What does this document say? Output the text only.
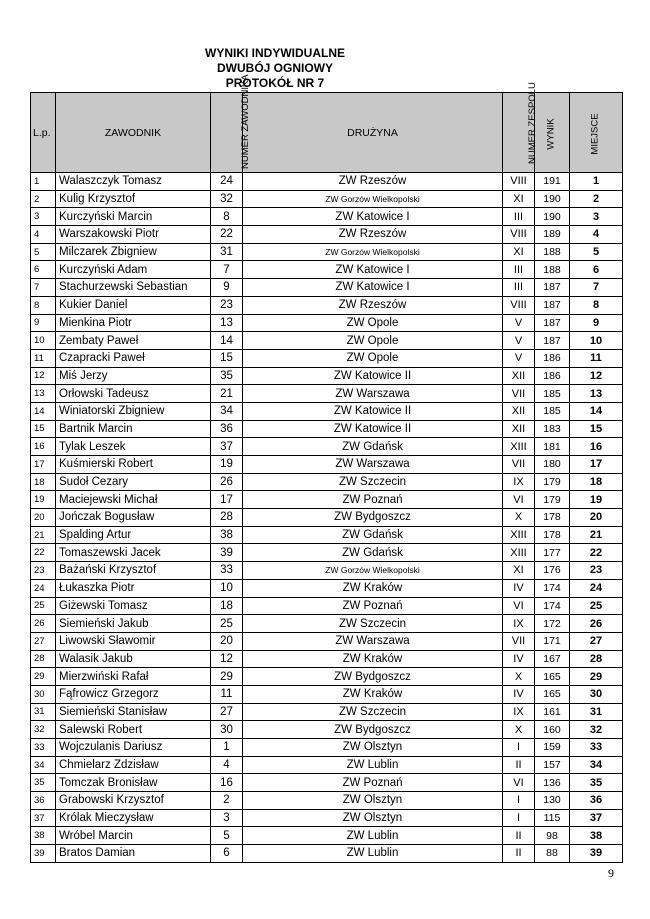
WYNIKI INDYWIDUALNE
DWUBÓJ OGNIOWY
PROTOKÓŁ NR 7
L.p.	ZAWODNIK	NUMER ZAWODNIKA	DRUŻYNA	NUMER ZESPOŁU	WYNIK	MIEJSCE
1	Walaszczyk Tomasz	24	ZW Rzeszów	VIII	191	1
2	Kulig Krzysztof	32	ZW Gorzów Wielkopolski	XI	190	2
3	Kurczyński Marcin	8	ZW Katowice I	III	190	3
4	Warszakowski Piotr	22	ZW Rzeszów	VIII	189	4
5	Milczarek Zbigniew	31	ZW Gorzów Wielkopolski	XI	188	5
6	Kurczyński Adam	7	ZW Katowice I	III	188	6
7	Stachurzewski Sebastian	9	ZW Katowice I	III	187	7
8	Kukier Daniel	23	ZW Rzeszów	VIII	187	8
9	Mienkina Piotr	13	ZW Opole	V	187	9
10	Zembaty Paweł	14	ZW Opole	V	187	10
11	Czapracki Paweł	15	ZW Opole	V	186	11
12	Miś Jerzy	35	ZW Katowice II	XII	186	12
13	Orłowski Tadeusz	21	ZW Warszawa	VII	185	13
14	Winiatorski Zbigniew	34	ZW Katowice II	XII	185	14
15	Bartnik Marcin	36	ZW Katowice II	XII	183	15
16	Tylak Leszek	37	ZW Gdańsk	XIII	181	16
17	Kuśmierski Robert	19	ZW Warszawa	VII	180	17
18	Sudoł Cezary	26	ZW Szczecin	IX	179	18
19	Maciejewski Michał	17	ZW Poznań	VI	179	19
20	Jończak Bogusław	28	ZW Bydgoszcz	X	178	20
21	Spalding Artur	38	ZW Gdańsk	XIII	178	21
22	Tomaszewski Jacek	39	ZW Gdańsk	XIII	177	22
23	Bażański Krzysztof	33	ZW Gorzów Wielkopolski	XI	176	23
24	Łukaszka Piotr	10	ZW Kraków	IV	174	24
25	Giżewski Tomasz	18	ZW Poznań	VI	174	25
26	Siemieński Jakub	25	ZW Szczecin	IX	172	26
27	Liwowski Sławomir	20	ZW Warszawa	VII	171	27
28	Walasik Jakub	12	ZW Kraków	IV	167	28
29	Mierzwiński Rafał	29	ZW Bydgoszcz	X	165	29
30	Fąfrowicz Grzegorz	11	ZW Kraków	IV	165	30
31	Siemieński Stanisław	27	ZW Szczecin	IX	161	31
32	Salewski Robert	30	ZW Bydgoszcz	X	160	32
33	Wojczulanis Dariusz	1	ZW Olsztyn	I	159	33
34	Chmielarz Zdzisław	4	ZW Lublin	II	157	34
35	Tomczak Bronisław	16	ZW Poznań	VI	136	35
36	Grabowski Krzysztof	2	ZW Olsztyn	I	130	36
37	Królak Mieczysław	3	ZW Olsztyn	I	115	37
38	Wróbel Marcin	5	ZW Lublin	II	98	38
39	Bratos Damian	6	ZW Lublin	II	88	39
9
